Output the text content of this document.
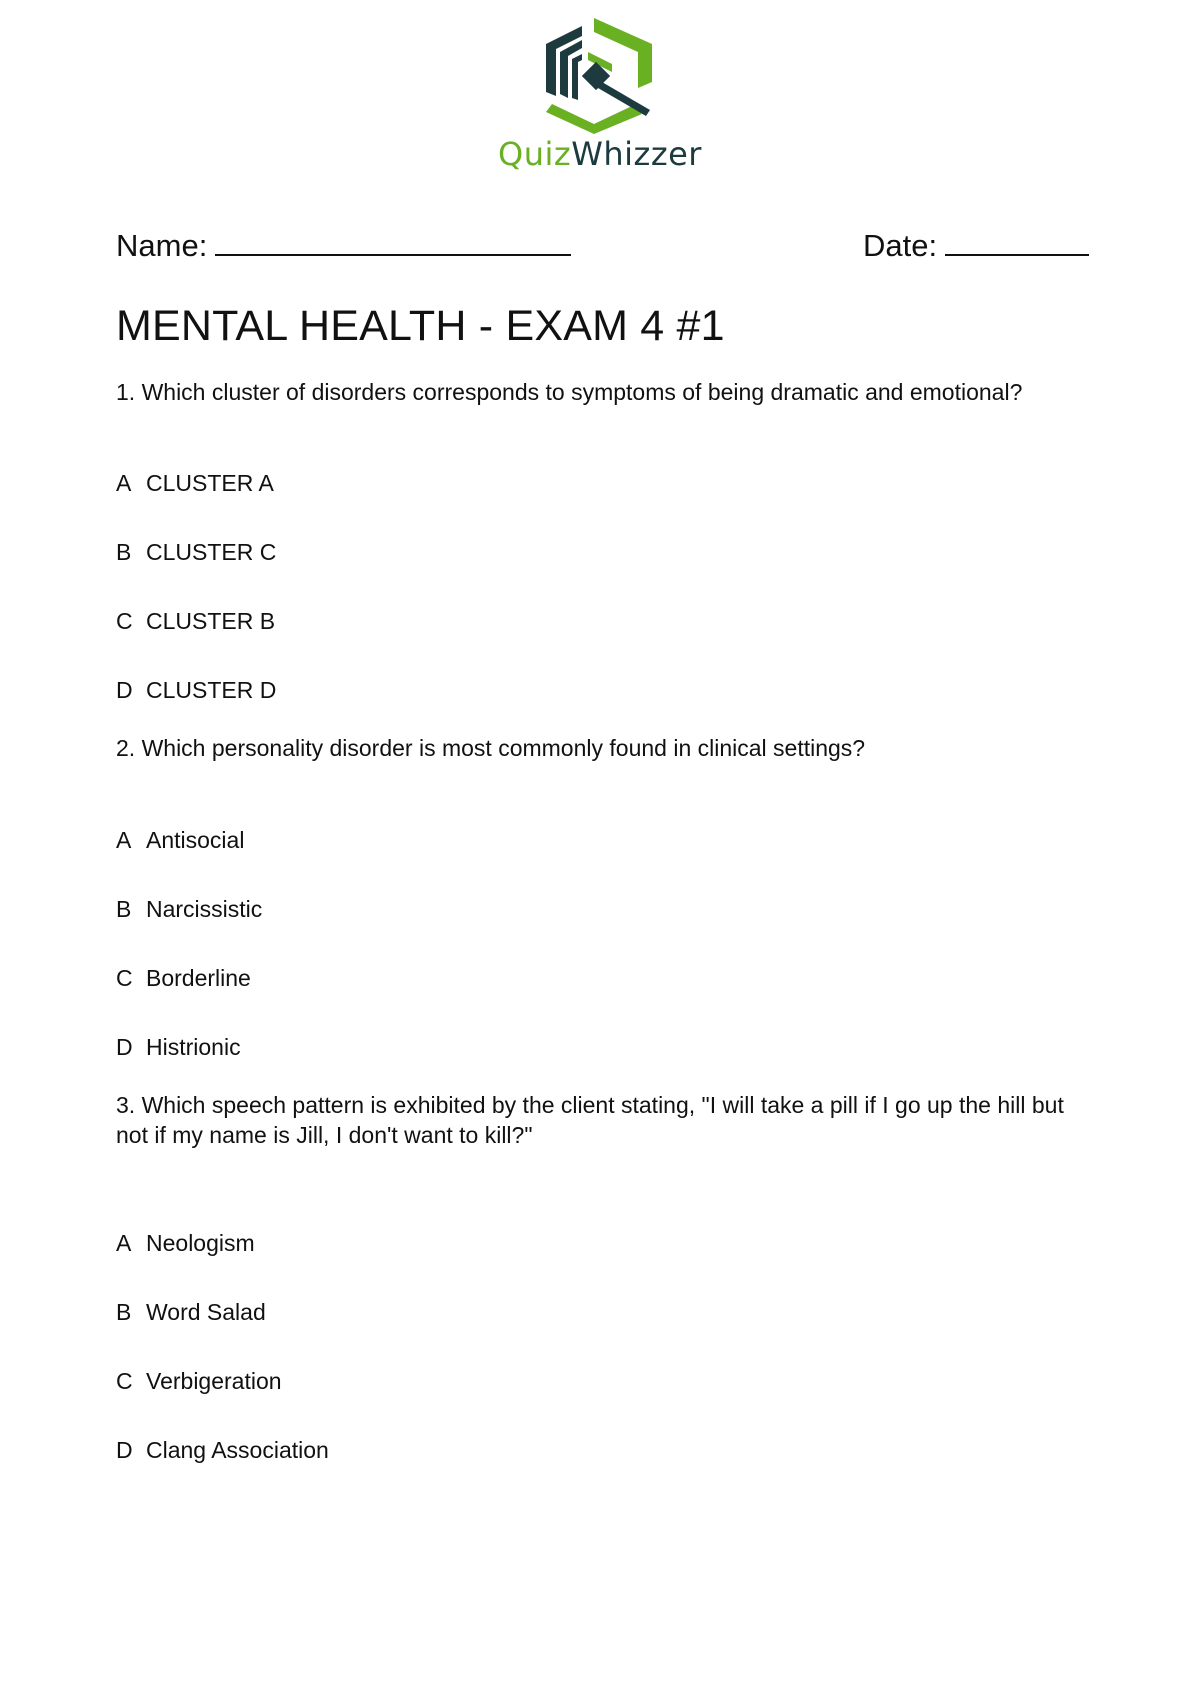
QuizWhizzer
Name:	Date:
MENTAL HEALTH - EXAM 4 #1
1. Which cluster of disorders corresponds to symptoms of being dramatic and emotional?
A CLUSTER A
B CLUSTER C
C CLUSTER B
D CLUSTER D
2. Which personality disorder is most commonly found in clinical settings?
A Antisocial
B Narcissistic
C Borderline
D Histrionic
3. Which speech pattern is exhibited by the client stating, "I will take a pill if I go up the hill but not if my name is Jill, I don't want to kill?"
A Neologism
B Word Salad
C Verbigeration
D Clang Association
